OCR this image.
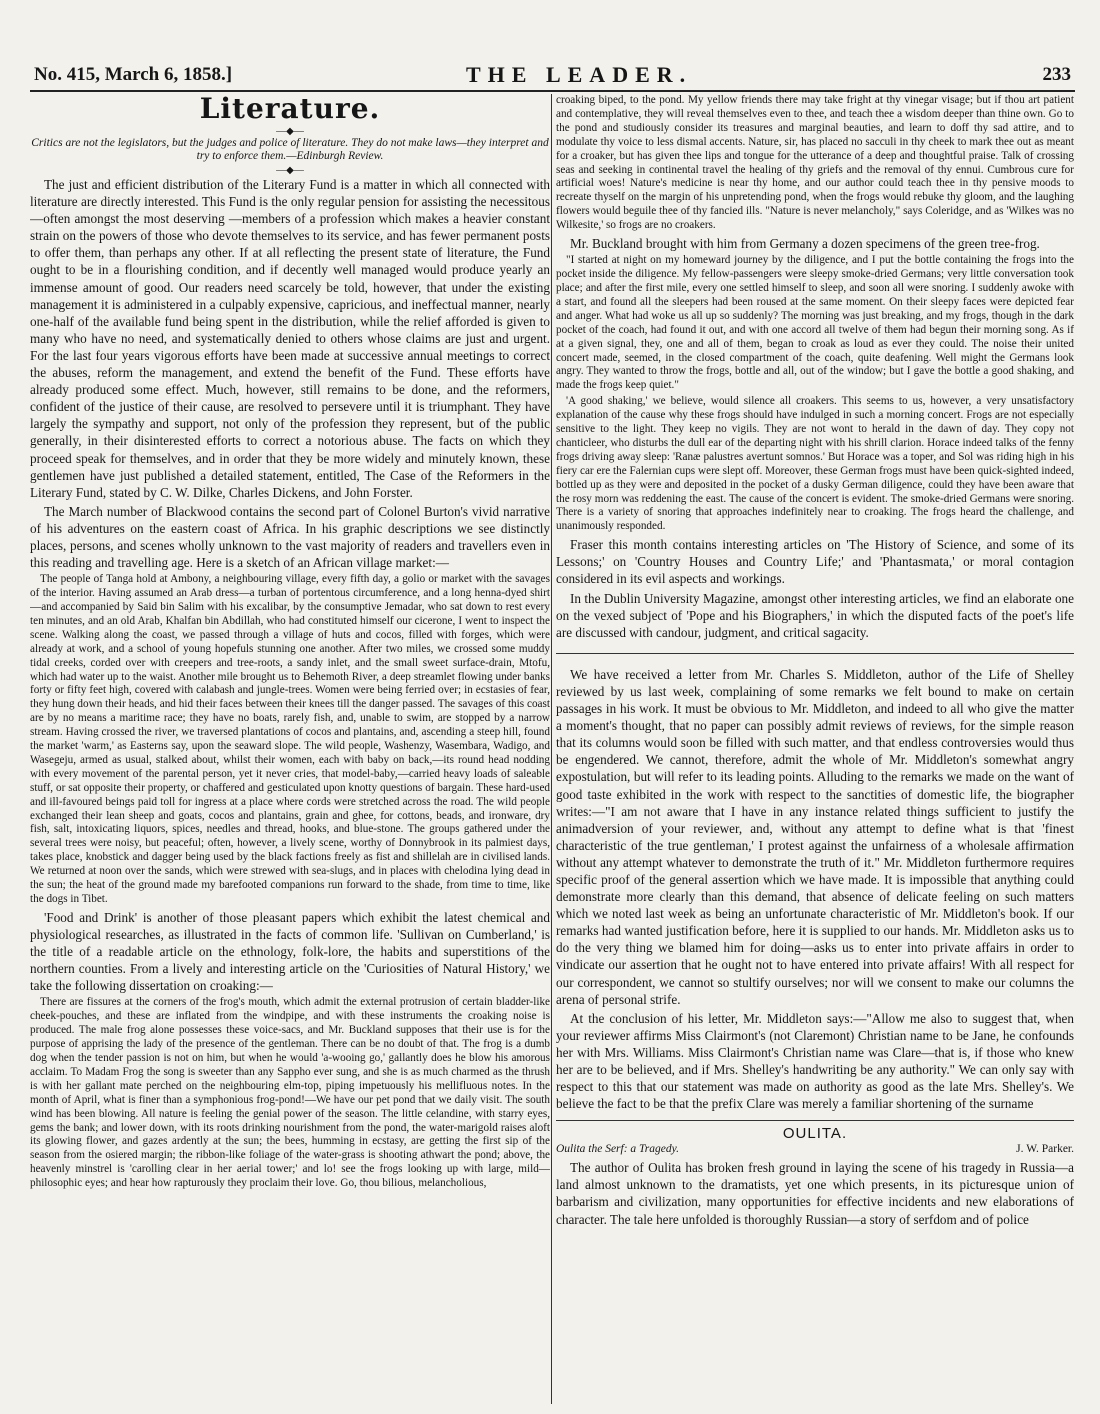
No. 415, March 6, 1858.]	THE LEADER.	233
Literature.
—◆—

Critics are not the legislators, but the judges and police of literature. They do not make laws—they interpret and try to enforce them.—Edinburgh Review.

—◆—

The just and efficient distribution of the Literary Fund is a matter in which all connected with literature are directly interested. This Fund is the only regular pension for assisting the necessitous—often amongst the most deserving —members of a profession which makes a heavier constant strain on the powers of those who devote themselves to its service, and has fewer permanent posts to offer them, than perhaps any other. If at all reflecting the present state of literature, the Fund ought to be in a flourishing condition, and if decently well managed would produce yearly an immense amount of good. Our readers need scarcely be told, however, that under the existing management it is administered in a culpably expensive, capricious, and ineffectual manner, nearly one-half of the available fund being spent in the distribution, while the relief afforded is given to many who have no need, and systematically denied to others whose claims are just and urgent. For the last four years vigorous efforts have been made at successive annual meetings to correct the abuses, reform the management, and extend the benefit of the Fund. These efforts have already produced some effect. Much, however, still remains to be done, and the reformers, confident of the justice of their cause, are resolved to persevere until it is triumphant. They have largely the sympathy and support, not only of the profession they represent, but of the public generally, in their disinterested efforts to correct a notorious abuse. The facts on which they proceed speak for themselves, and in order that they be more widely and minutely known, these gentlemen have just published a detailed statement, entitled, The Case of the Reformers in the Literary Fund, stated by C. W. Dilke, Charles Dickens, and John Forster.

The March number of Blackwood contains the second part of Colonel Burton's vivid narrative of his adventures on the eastern coast of Africa. In his graphic descriptions we see distinctly places, persons, and scenes wholly unknown to the vast majority of readers and travellers even in this reading and travelling age. Here is a sketch of an African village market:—

The people of Tanga hold at Ambony, a neighbouring village, every fifth day, a golio or market with the savages of the interior. Having assumed an Arab dress—a turban of portentous circumference, and a long henna-dyed shirt—and accompanied by Said bin Salim with his excalibar, by the consumptive Jemadar, who sat down to rest every ten minutes, and an old Arab, Khalfan bin Abdillah, who had constituted himself our cicerone, I went to inspect the scene. Walking along the coast, we passed through a village of huts and cocos, filled with forges, which were already at work, and a school of young hopefuls stunning one another. After two miles, we crossed some muddy tidal creeks, corded over with creepers and tree-roots, a sandy inlet, and the small sweet surface-drain, Mtofu, which had water up to the waist. Another mile brought us to Behemoth River, a deep streamlet flowing under banks forty or fifty feet high, covered with calabash and jungle-trees. Women were being ferried over; in ecstasies of fear, they hung down their heads, and hid their faces between their knees till the danger passed. The savages of this coast are by no means a maritime race; they have no boats, rarely fish, and, unable to swim, are stopped by a narrow stream. Having crossed the river, we traversed plantations of cocos and plantains, and, ascending a steep hill, found the market 'warm,' as Easterns say, upon the seaward slope. The wild people, Washenzy, Wasembara, Wadigo, and Wasegeju, armed as usual, stalked about, whilst their women, each with baby on back,—its round head nodding with every movement of the parental person, yet it never cries, that model-baby,—carried heavy loads of saleable stuff, or sat opposite their property, or chaffered and gesticulated upon knotty questions of bargain. These hard-used and ill-favoured beings paid toll for ingress at a place where cords were stretched across the road. The wild people exchanged their lean sheep and goats, cocos and plantains, grain and ghee, for cottons, beads, and ironware, dry fish, salt, intoxicating liquors, spices, needles and thread, hooks, and blue-stone. The groups gathered under the several trees were noisy, but peaceful; often, however, a lively scene, worthy of Donnybrook in its palmiest days, takes place, knobstick and dagger being used by the black factions freely as fist and shillelah are in civilised lands. We returned at noon over the sands, which were strewed with sea-slugs, and in places with chelodina lying dead in the sun; the heat of the ground made my barefooted companions run forward to the shade, from time to time, like the dogs in Tibet.

'Food and Drink' is another of those pleasant papers which exhibit the latest chemical and physiological researches, as illustrated in the facts of common life. 'Sullivan on Cumberland,' is the title of a readable article on the ethnology, folk-lore, the habits and superstitions of the northern counties. From a lively and interesting article on the 'Curiosities of Natural History,' we take the following dissertation on croaking:—

There are fissures at the corners of the frog's mouth, which admit the external protrusion of certain bladder-like cheek-pouches, and these are inflated from the windpipe, and with these instruments the croaking noise is produced. The male frog alone possesses these voice-sacs, and Mr. Buckland supposes that their use is for the purpose of apprising the lady of the presence of the gentleman. There can be no doubt of that. The frog is a dumb dog when the tender passion is not on him, but when he would 'a-wooing go,' gallantly does he blow his amorous acclaim. To Madam Frog the song is sweeter than any Sappho ever sung, and she is as much charmed as the thrush is with her gallant mate perched on the neighbouring elm-top, piping impetuously his mellifluous notes. In the month of April, what is finer than a symphonious frog-pond!—We have our pet pond that we daily visit. The south wind has been blowing. All nature is feeling the genial power of the season. The little celandine, with starry eyes, gems the bank; and lower down, with its roots drinking nourishment from the pond, the water-marigold raises aloft its glowing flower, and gazes ardently at the sun; the bees, humming in ecstasy, are getting the first sip of the season from the osiered margin; the ribbon-like foliage of the water-grass is shooting athwart the pond; above, the heavenly minstrel is 'carolling clear in her aerial tower;' and lo! see the frogs looking up with large, mild—philosophic eyes; and hear how rapturously they proclaim their love. Go, thou bilious, melancholious,

croaking biped, to the pond. My yellow friends there may take fright at thy vinegar visage; but if thou art patient and contemplative, they will reveal themselves even to thee, and teach thee a wisdom deeper than thine own. Go to the pond and studiously consider its treasures and marginal beauties, and learn to doff thy sad attire, and to modulate thy voice to less dismal accents. Nature, sir, has placed no sacculi in thy cheek to mark thee out as meant for a croaker, but has given thee lips and tongue for the utterance of a deep and thoughtful praise. Talk of crossing seas and seeking in continental travel the healing of thy griefs and the removal of thy ennui. Cumbrous cure for artificial woes! Nature's medicine is near thy home, and our author could teach thee in thy pensive moods to recreate thyself on the margin of his unpretending pond, when the frogs would rebuke thy gloom, and the laughing flowers would beguile thee of thy fancied ills. "Nature is never melancholy," says Coleridge, and as 'Wilkes was no Wilkesite,' so frogs are no croakers.

Mr. Buckland brought with him from Germany a dozen specimens of the green tree-frog.

"I started at night on my homeward journey by the diligence, and I put the bottle containing the frogs into the pocket inside the diligence. My fellow-passengers were sleepy smoke-dried Germans; very little conversation took place; and after the first mile, every one settled himself to sleep, and soon all were snoring. I suddenly awoke with a start, and found all the sleepers had been roused at the same moment. On their sleepy faces were depicted fear and anger. What had woke us all up so suddenly? The morning was just breaking, and my frogs, though in the dark pocket of the coach, had found it out, and with one accord all twelve of them had begun their morning song. As if at a given signal, they, one and all of them, began to croak as loud as ever they could. The noise their united concert made, seemed, in the closed compartment of the coach, quite deafening. Well might the Germans look angry. They wanted to throw the frogs, bottle and all, out of the window; but I gave the bottle a good shaking, and made the frogs keep quiet."

'A good shaking,' we believe, would silence all croakers. This seems to us, however, a very unsatisfactory explanation of the cause why these frogs should have indulged in such a morning concert. Frogs are not especially sensitive to the light. They keep no vigils. They are not wont to herald in the dawn of day. They copy not chanticleer, who disturbs the dull ear of the departing night with his shrill clarion. Horace indeed talks of the fenny frogs driving away sleep: 'Ranæ palustres avertunt somnos.' But Horace was a toper, and Sol was riding high in his fiery car ere the Falernian cups were slept off. Moreover, these German frogs must have been quick-sighted indeed, bottled up as they were and deposited in the pocket of a dusky German diligence, could they have been aware that the rosy morn was reddening the east. The cause of the concert is evident. The smoke-dried Germans were snoring. There is a variety of snoring that approaches indefinitely near to croaking. The frogs heard the challenge, and unanimously responded.

Fraser this month contains interesting articles on 'The History of Science, and some of its Lessons;' on 'Country Houses and Country Life;' and 'Phantasmata,' or moral contagion considered in its evil aspects and workings.

In the Dublin University Magazine, amongst other interesting articles, we find an elaborate one on the vexed subject of 'Pope and his Biographers,' in which the disputed facts of the poet's life are discussed with candour, judgment, and critical sagacity.

We have received a letter from Mr. Charles S. Middleton, author of the Life of Shelley reviewed by us last week, complaining of some remarks we felt bound to make on certain passages in his work. It must be obvious to Mr. Middleton, and indeed to all who give the matter a moment's thought, that no paper can possibly admit reviews of reviews, for the simple reason that its columns would soon be filled with such matter, and that endless controversies would thus be engendered. We cannot, therefore, admit the whole of Mr. Middleton's somewhat angry expostulation, but will refer to its leading points. Alluding to the remarks we made on the want of good taste exhibited in the work with respect to the sanctities of domestic life, the biographer writes:—"I am not aware that I have in any instance related things sufficient to justify the animadversion of your reviewer, and, without any attempt to define what is that 'finest characteristic of the true gentleman,' I protest against the unfairness of a wholesale affirmation without any attempt whatever to demonstrate the truth of it." Mr. Middleton furthermore requires specific proof of the general assertion which we have made. It is impossible that anything could demonstrate more clearly than this demand, that absence of delicate feeling on such matters which we noted last week as being an unfortunate characteristic of Mr. Middleton's book. If our remarks had wanted justification before, here it is supplied to our hands. Mr. Middleton asks us to do the very thing we blamed him for doing—asks us to enter into private affairs in order to vindicate our assertion that he ought not to have entered into private affairs! With all respect for our correspondent, we cannot so stultify ourselves; nor will we consent to make our columns the arena of personal strife.

At the conclusion of his letter, Mr. Middleton says:—"Allow me also to suggest that, when your reviewer affirms Miss Clairmont's (not Claremont) Christian name to be Jane, he confounds her with Mrs. Williams. Miss Clairmont's Christian name was Clare—that is, if those who knew her are to be believed, and if Mrs. Shelley's handwriting be any authority." We can only say with respect to this that our statement was made on authority as good as the late Mrs. Shelley's. We believe the fact to be that the prefix Clare was merely a familiar shortening of the surname

OULITA.
Oulita the Serf: a Tragedy.	J. W. Parker.

The author of Oulita has broken fresh ground in laying the scene of his tragedy in Russia—a land almost unknown to the dramatists, yet one which presents, in its picturesque union of barbarism and civilization, many opportunities for effective incidents and new elaborations of character. The tale here unfolded is thoroughly Russian—a story of serfdom and of police
